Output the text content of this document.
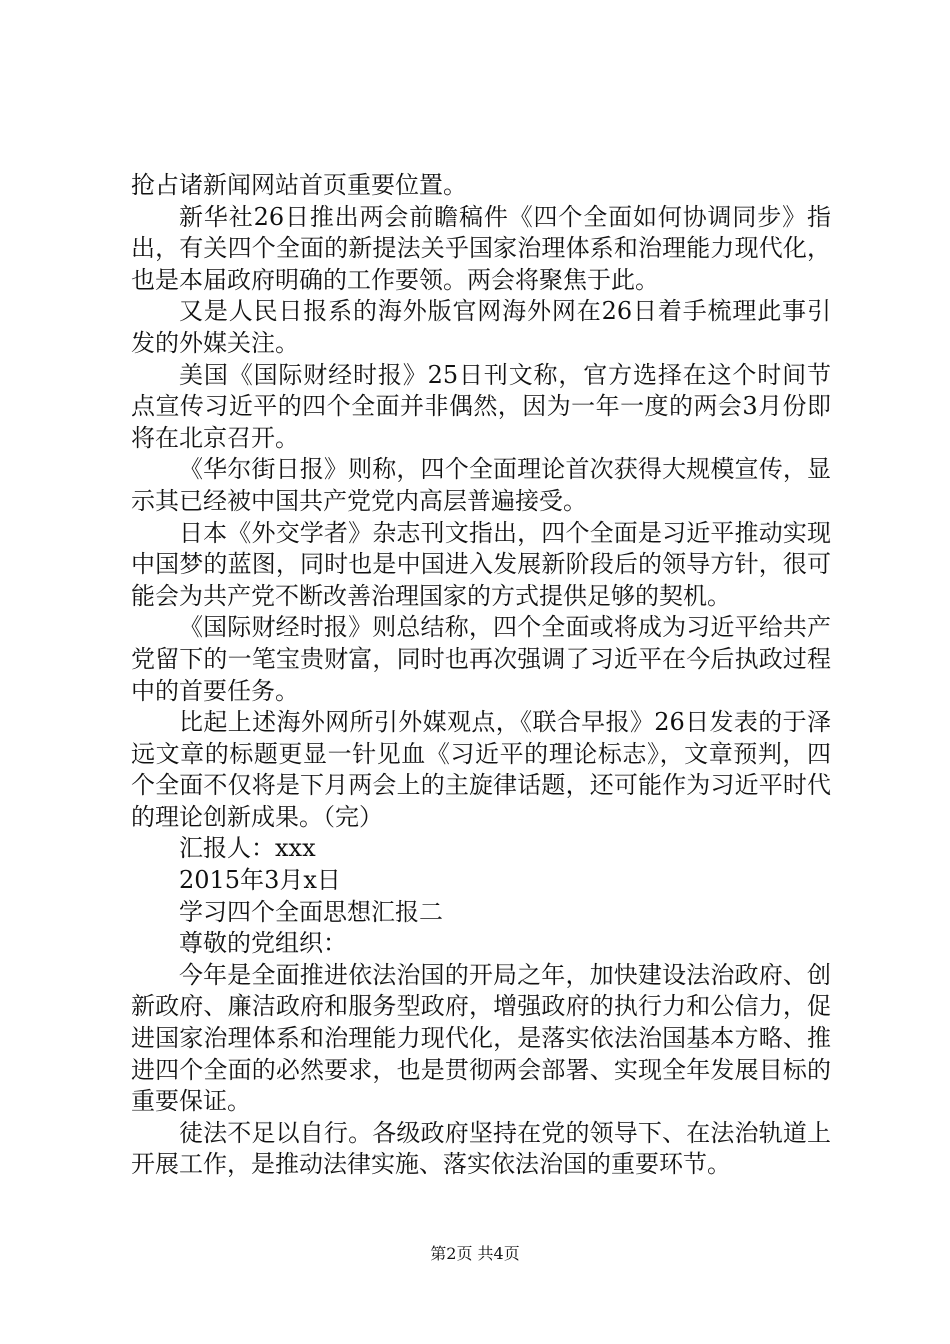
抢占诸新闻网站首页重要位置。

新华社26日推出两会前瞻稿件《四个全面如何协调同步》指出，有关四个全面的新提法关乎国家治理体系和治理能力现代化，也是本届政府明确的工作要领。两会将聚焦于此。

又是人民日报系的海外版官网海外网在26日着手梳理此事引发的外媒关注。

美国《国际财经时报》25日刊文称，官方选择在这个时间节点宣传习近平的四个全面并非偶然，因为一年一度的两会3月份即将在北京召开。

《华尔街日报》则称，四个全面理论首次获得大规模宣传，显示其已经被中国共产党党内高层普遍接受。

日本《外交学者》杂志刊文指出，四个全面是习近平推动实现中国梦的蓝图，同时也是中国进入发展新阶段后的领导方针，很可能会为共产党不断改善治理国家的方式提供足够的契机。

《国际财经时报》则总结称，四个全面或将成为习近平给共产党留下的一笔宝贵财富，同时也再次强调了习近平在今后执政过程中的首要任务。

比起上述海外网所引外媒观点，《联合早报》26日发表的于泽远文章的标题更显一针见血《习近平的理论标志》，文章预判，四个全面不仅将是下月两会上的主旋律话题，还可能作为习近平时代的理论创新成果。（完）

汇报人：xxx

2015年3月x日

学习四个全面思想汇报二

尊敬的党组织：

今年是全面推进依法治国的开局之年，加快建设法治政府、创新政府、廉洁政府和服务型政府，增强政府的执行力和公信力，促进国家治理体系和治理能力现代化，是落实依法治国基本方略、推进四个全面的必然要求，也是贯彻两会部署、实现全年发展目标的重要保证。

徒法不足以自行。各级政府坚持在党的领导下、在法治轨道上开展工作，是推动法律实施、落实依法治国的重要环节。

第2页 共4页
